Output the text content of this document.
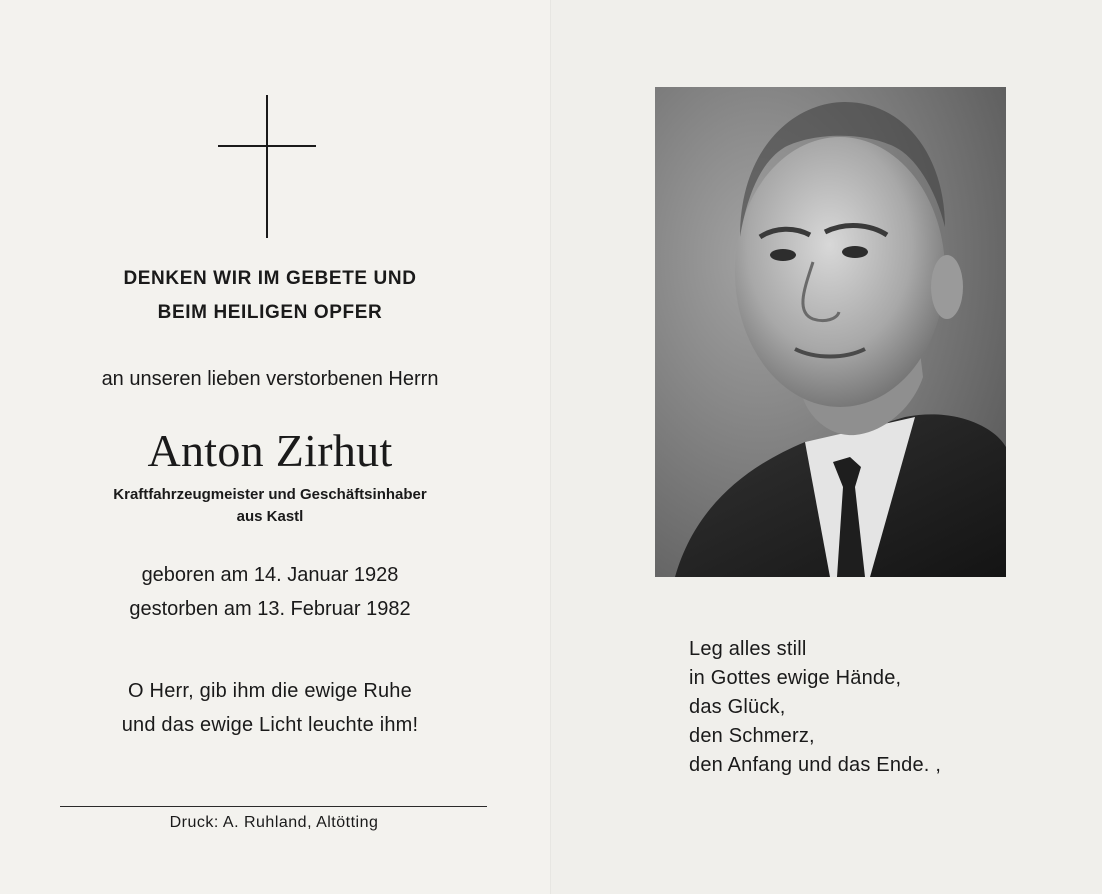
DENKEN WIR IM GEBETE UND
BEIM HEILIGEN OPFER
an unseren lieben verstorbenen Herrn
Anton Zirhut
Kraftfahrzeugmeister und Geschäftsinhaber
aus Kastl
geboren am 14. Januar 1928
gestorben am 13. Februar 1982
O Herr, gib ihm die ewige Ruhe
und das ewige Licht leuchte ihm!
Druck: A. Ruhland, Altötting
Leg alles still
in Gottes ewige Hände,
das Glück,
den Schmerz,
den Anfang und das Ende. ,
